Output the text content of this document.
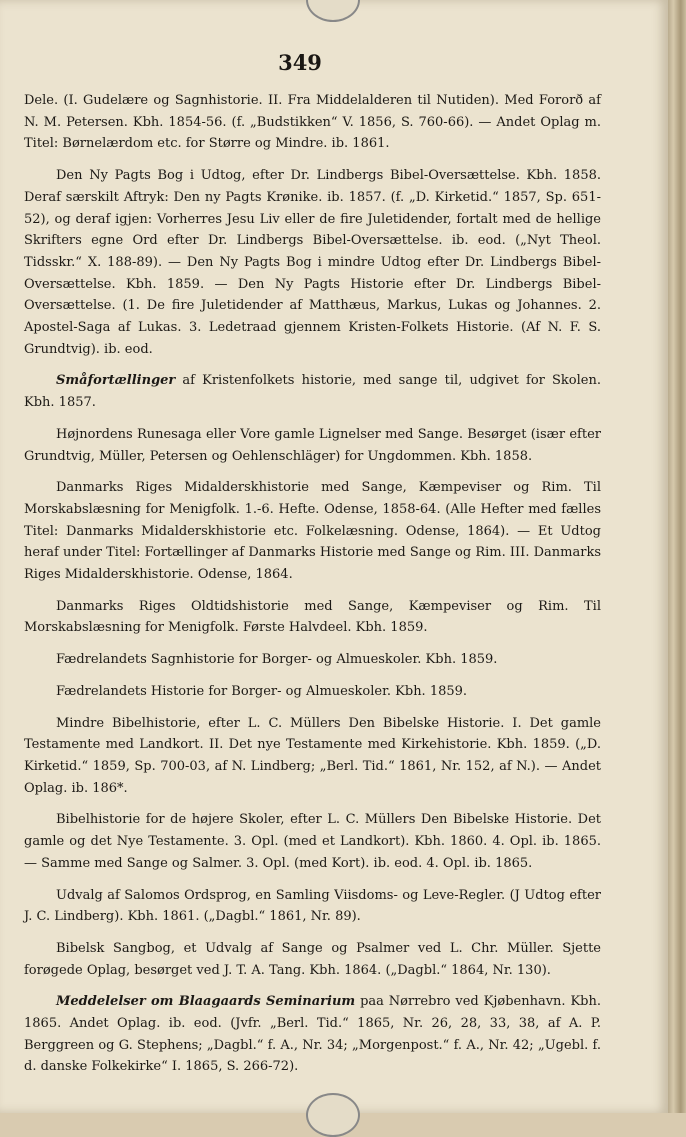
349

Dele. (I. Gudelære og Sagnhistorie. II. Fra Middelalderen til Nutiden). Med Fororð af N. M. Petersen. Kbh. 1854-56. (f. „Budstikken“ V. 1856, S. 760-66). — Andet Oplag m. Titel: Børnelærdom etc. for Større og Mindre. ib. 1861.

Den Ny Pagts Bog i Udtog, efter Dr. Lindbergs Bibel-Oversættelse. Kbh. 1858. Deraf særskilt Aftryk: Den ny Pagts Krønike. ib. 1857. (f. „D. Kirketid.“ 1857, Sp. 651-52), og deraf igjen: Vorherres Jesu Liv eller de fire Juletidender, fortalt med de hellige Skrifters egne Ord efter Dr. Lindbergs Bibel-Oversættelse. ib. eod. („Nyt Theol. Tidsskr.“ X. 188-89). — Den Ny Pagts Bog i mindre Udtog efter Dr. Lindbergs Bibel-Oversættelse. Kbh. 1859. — Den Ny Pagts Historie efter Dr. Lindbergs Bibel-Oversættelse. (1. De fire Juletidender af Matthæus, Markus, Lukas og Johannes. 2. Apostel-Saga af Lukas. 3. Ledetraad gjennem Kristen-Folkets Historie. (Af N. F. S. Grundtvig). ib. eod.

Småfortællinger af Kristenfolkets historie, med sange til, udgivet for Skolen. Kbh. 1857.

Højnordens Runesaga eller Vore gamle Lignelser med Sange. Besørget (især efter Grundtvig, Müller, Petersen og Oehlenschläger) for Ungdommen. Kbh. 1858.

Danmarks Riges Midalderskhistorie med Sange, Kæmpeviser og Rim. Til Morskabslæsning for Menigfolk. 1.-6. Hefte. Odense, 1858-64. (Alle Hefter med fælles Titel: Danmarks Midalderskhistorie etc. Folkelæsning. Odense, 1864). — Et Udtog heraf under Titel: Fortællinger af Danmarks Historie med Sange og Rim. III. Danmarks Riges Midalderskhistorie. Odense, 1864.

Danmarks Riges Oldtidshistorie med Sange, Kæmpeviser og Rim. Til Morskabslæsning for Menigfolk. Første Halvdeel. Kbh. 1859.

Fædrelandets Sagnhistorie for Borger- og Almueskoler. Kbh. 1859.

Fædrelandets Historie for Borger- og Almueskoler. Kbh. 1859.

Mindre Bibelhistorie, efter L. C. Müllers Den Bibelske Historie. I. Det gamle Testamente med Landkort. II. Det nye Testamente med Kirkehistorie. Kbh. 1859. („D. Kirketid.“ 1859, Sp. 700-03, af N. Lindberg; „Berl. Tid.“ 1861, Nr. 152, af N.). — Andet Oplag. ib. 186*.

Bibelhistorie for de højere Skoler, efter L. C. Müllers Den Bibelske Historie. Det gamle og det Nye Testamente. 3. Opl. (med et Landkort). Kbh. 1860. 4. Opl. ib. 1865. — Samme med Sange og Salmer. 3. Opl. (med Kort). ib. eod. 4. Opl. ib. 1865.

Udvalg af Salomos Ordsprog, en Samling Viisdoms- og Leve-Regler. (J Udtog efter J. C. Lindberg). Kbh. 1861. („Dagbl.“ 1861, Nr. 89).

Bibelsk Sangbog, et Udvalg af Sange og Psalmer ved L. Chr. Müller. Sjette forøgede Oplag, besørget ved J. T. A. Tang. Kbh. 1864. („Dagbl.“ 1864, Nr. 130).

Meddelelser om Blaagaards Seminarium paa Nørrebro ved Kjøbenhavn. Kbh. 1865. Andet Oplag. ib. eod. (Jvfr. „Berl. Tid.“ 1865, Nr. 26, 28, 33, 38, af A. P. Berggreen og G. Stephens; „Dagbl.“ f. A., Nr. 34; „Morgenpost.“ f. A., Nr. 42; „Ugebl. f. d. danske Folkekirke“ I. 1865, S. 266-72).
